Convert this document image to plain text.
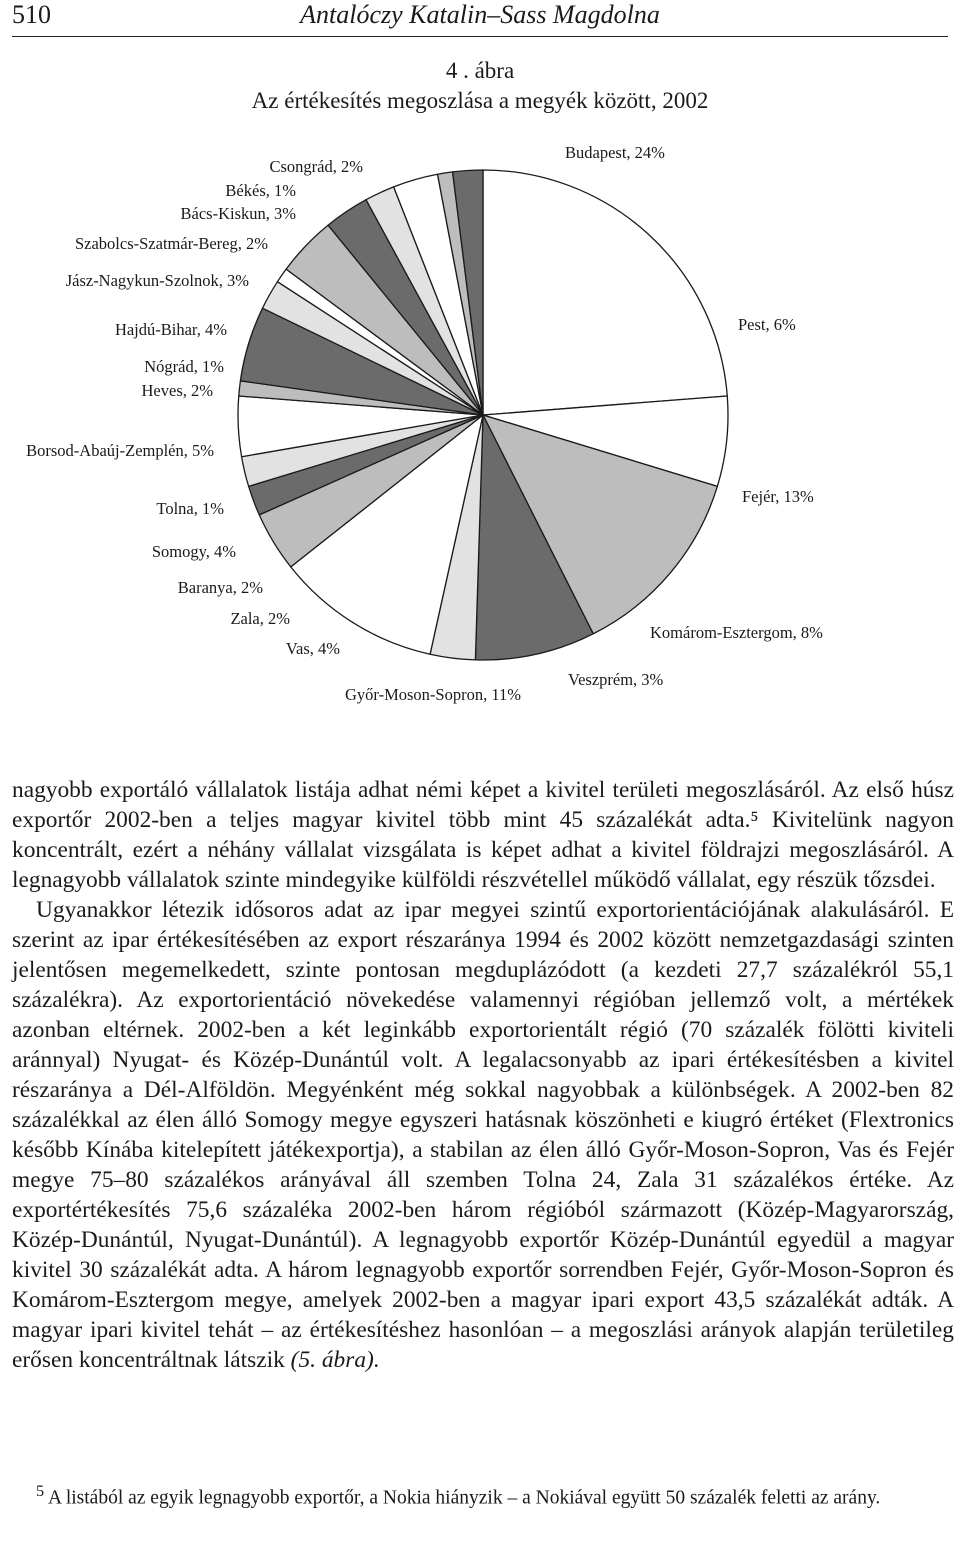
510	Antalóczy Katalin–Sass Magdolna
4 . ábra
Az értékesítés megoszlása a megyék között, 2002
Budapest, 24%
Pest, 6%
Fejér, 13%
Komárom-Esztergom, 8%
Veszprém, 3%
Győr-Moson-Sopron, 11%
Vas, 4%
Zala, 2%
Baranya, 2%
Somogy, 4%
Tolna, 1%
Borsod-Abaúj-Zemplén, 5%
Heves, 2%
Nógrád, 1%
Hajdú-Bihar, 4%
Jász-Nagykun-Szolnok, 3%
Szabolcs-Szatmár-Bereg, 2%
Bács-Kiskun, 3%
Békés, 1%
Csongrád, 2%

nagyobb exportáló vállalatok listája adhat némi képet a kivitel területi megoszlásáról. Az első húsz exportőr 2002-ben a teljes magyar kivitel több mint 45 százalékát adta.⁵ Kivitelünk nagyon koncentrált, ezért a néhány vállalat vizsgálata is képet adhat a kivitel földrajzi megoszlásáról. A legnagyobb vállalatok szinte mindegyike külföldi részvétellel működő vállalat, egy részük tőzsdei.

Ugyanakkor létezik idősoros adat az ipar megyei szintű exportorientációjának alakulásáról. E szerint az ipar értékesítésében az export részaránya 1994 és 2002 között nemzetgazdasági szinten jelentősen megemelkedett, szinte pontosan megduplázódott (a kezdeti 27,7 százalékról 55,1 százalékra). Az exportorientáció növekedése valamennyi régióban jellemző volt, a mértékek azonban eltérnek. 2002-ben a két leginkább exportorientált régió (70 százalék fölötti kiviteli aránnyal) Nyugat- és Közép-Dunántúl volt. A legalacsonyabb az ipari értékesítésben a kivitel részaránya a Dél-Alföldön. Megyénként még sokkal nagyobbak a különbségek. A 2002-ben 82 százalékkal az élen álló Somogy megye egyszeri hatásnak köszönheti e kiugró értéket (Flextronics később Kínába kitelepített játékexportja), a stabilan az élen álló Győr-Moson-Sopron, Vas és Fejér megye 75–80 százalékos arányával áll szemben Tolna 24, Zala 31 százalékos értéke. Az exportértékesítés 75,6 százaléka 2002-ben három régióból származott (Közép-Magyarország, Közép-Dunántúl, Nyugat-Dunántúl). A legnagyobb exportőr Közép-Dunántúl egyedül a magyar kivitel 30 százalékát adta. A három legnagyobb exportőr sorrendben Fejér, Győr-Moson-Sopron és Komárom-Esztergom megye, amelyek 2002-ben a magyar ipari export 43,5 százalékát adták. A magyar ipari kivitel tehát – az értékesítéshez hasonlóan – a megoszlási arányok alapján területileg erősen koncentráltnak látszik (5. ábra).

$^5$ A listából az egyik legnagyobb exportőr, a Nokia hiányzik – a Nokiával együtt 50 százalék feletti az arány.
